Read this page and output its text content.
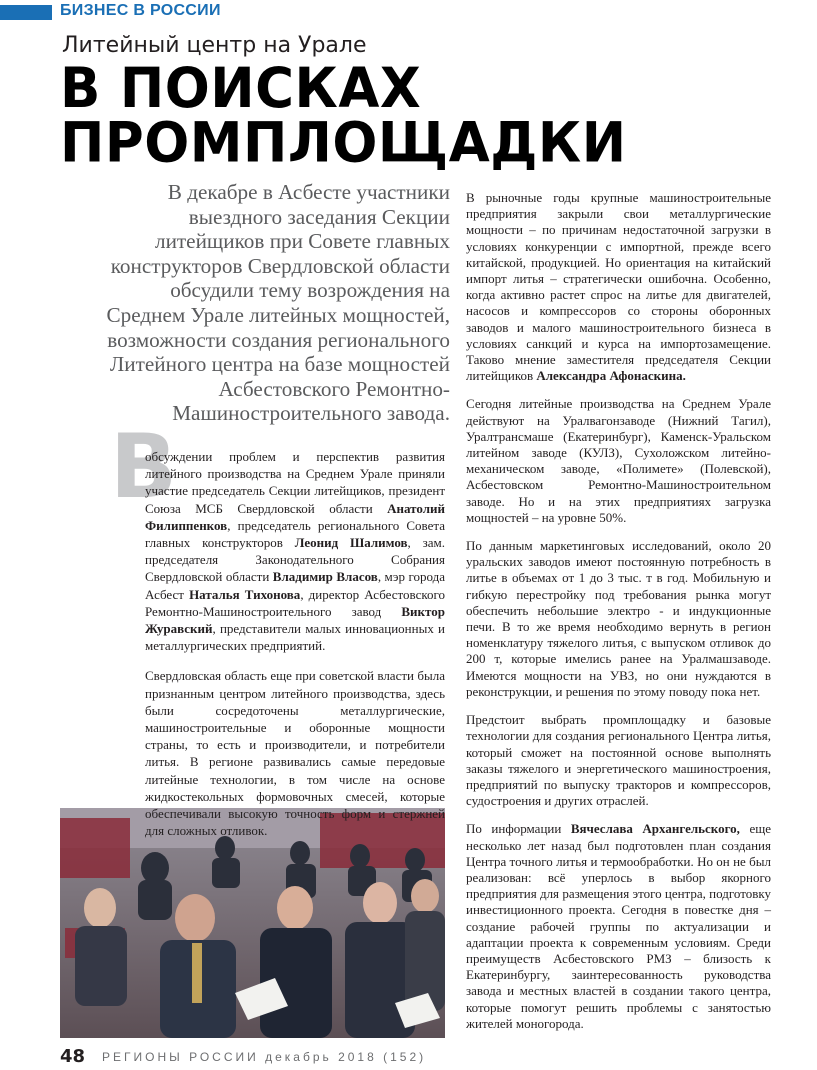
БИЗНЕС В РОССИИ
Литейный центр на Урале
В ПОИСКАХ
ПРОМПЛОЩАДКИ
В декабре в Асбесте участники
выездного заседания Секции
литейщиков при Совете главных
конструкторов Свердловской области
обсудили тему возрождения на
Среднем Урале литейных мощностей,
возможности создания регионального
Литейного центра на базе мощностей
Асбестовского Ремонтно-
Машиностроительного завода.
В

обсуждении проблем и перспектив развития литейного производства на Среднем Урале приняли участие председатель Секции литейщиков, президент Союза МСБ Свердловской области Анатолий Филиппенков, председатель регионального Совета главных конструкторов Леонид Шалимов, зам. председателя Законодательного Собрания Свердловской области Владимир Власов, мэр города Асбест Наталья Тихонова, директор Асбестовского Ремонтно-Машиностроительного завод Виктор Журавский, представители малых инновационных и металлургических предприятий.

Свердловская область еще при советской власти была признанным центром литейного производства, здесь были сосредоточены металлургические, машиностроительные и оборонные мощности страны, то есть и производители, и потребители литья. В регионе развивались самые передовые литейные технологии, в том числе на основе жидкостекольных формовочных смесей, которые обеспечивали высокую точность форм и стержней для сложных отливок.

В рыночные годы крупные машиностроительные предприятия закрыли свои металлургические мощности – по причинам недостаточной загрузки в условиях конкуренции с импортной, прежде всего китайской, продукцией. Но ориентация на китайский импорт литья – стратегически ошибочна. Особенно, когда активно растет спрос на литье для двигателей, насосов и компрессоров со стороны оборонных заводов и малого машиностроительного бизнеса в условиях санкций и курса на импортозамещение. Таково мнение заместителя председателя Секции литейщиков Александра Афонаскина.

Сегодня литейные производства на Среднем Урале действуют на Уралвагонзаводе (Нижний Тагил), Уралтрансмаше (Екатеринбург), Каменск-Уральском литейном заводе (КУЛЗ), Сухоложском литейно-механическом заводе, «Полиметe» (Полевской), Асбестовском Ремонтно-Машиностроительном заводе. Но и на этих предприятиях загрузка мощностей – на уровне 50%.

По данным маркетинговых исследований, около 20 уральских заводов имеют постоянную потребность в литье в объемах от 1 до 3 тыс. т в год. Мобильную и гибкую перестройку под требования рынка могут обеспечить небольшие электро - и индукционные печи. В то же время необходимо вернуть в регион номенклатуру тяжелого литья, с выпуском отливок до 200 т, которые имелись ранее на Уралмашзаводе. Имеются мощности на УВЗ, но они нуждаются в реконструкции, и решения по этому поводу пока нет.

Предстоит выбрать промплощадку и базовые технологии для создания регионального Центра литья, который сможет на постоянной основе выполнять заказы тяжелого и энергетического машиностроения, предприятий по выпуску тракторов и компрессоров, судостроения и других отраслей.

По информации Вячеслава Архангельского, еще несколько лет назад был подготовлен план создания Центра точного литья и термообработки. Но он не был реализован: всё уперлось в выбор якорного предприятия для размещения этого центра, подготовку инвестиционного проекта. Сегодня в повестке дня – создание рабочей группы по актуализации и адаптации проекта к современным условиям. Среди преимуществ Асбестовского РМЗ – близость к Екатеринбургу, заинтересованность руководства завода и местных властей в создании такого центра, которые помогут решить проблемы с занятостью жителей моногорода.

48 РЕГИОНЫ РОССИИ декабрь 2018 (152)
